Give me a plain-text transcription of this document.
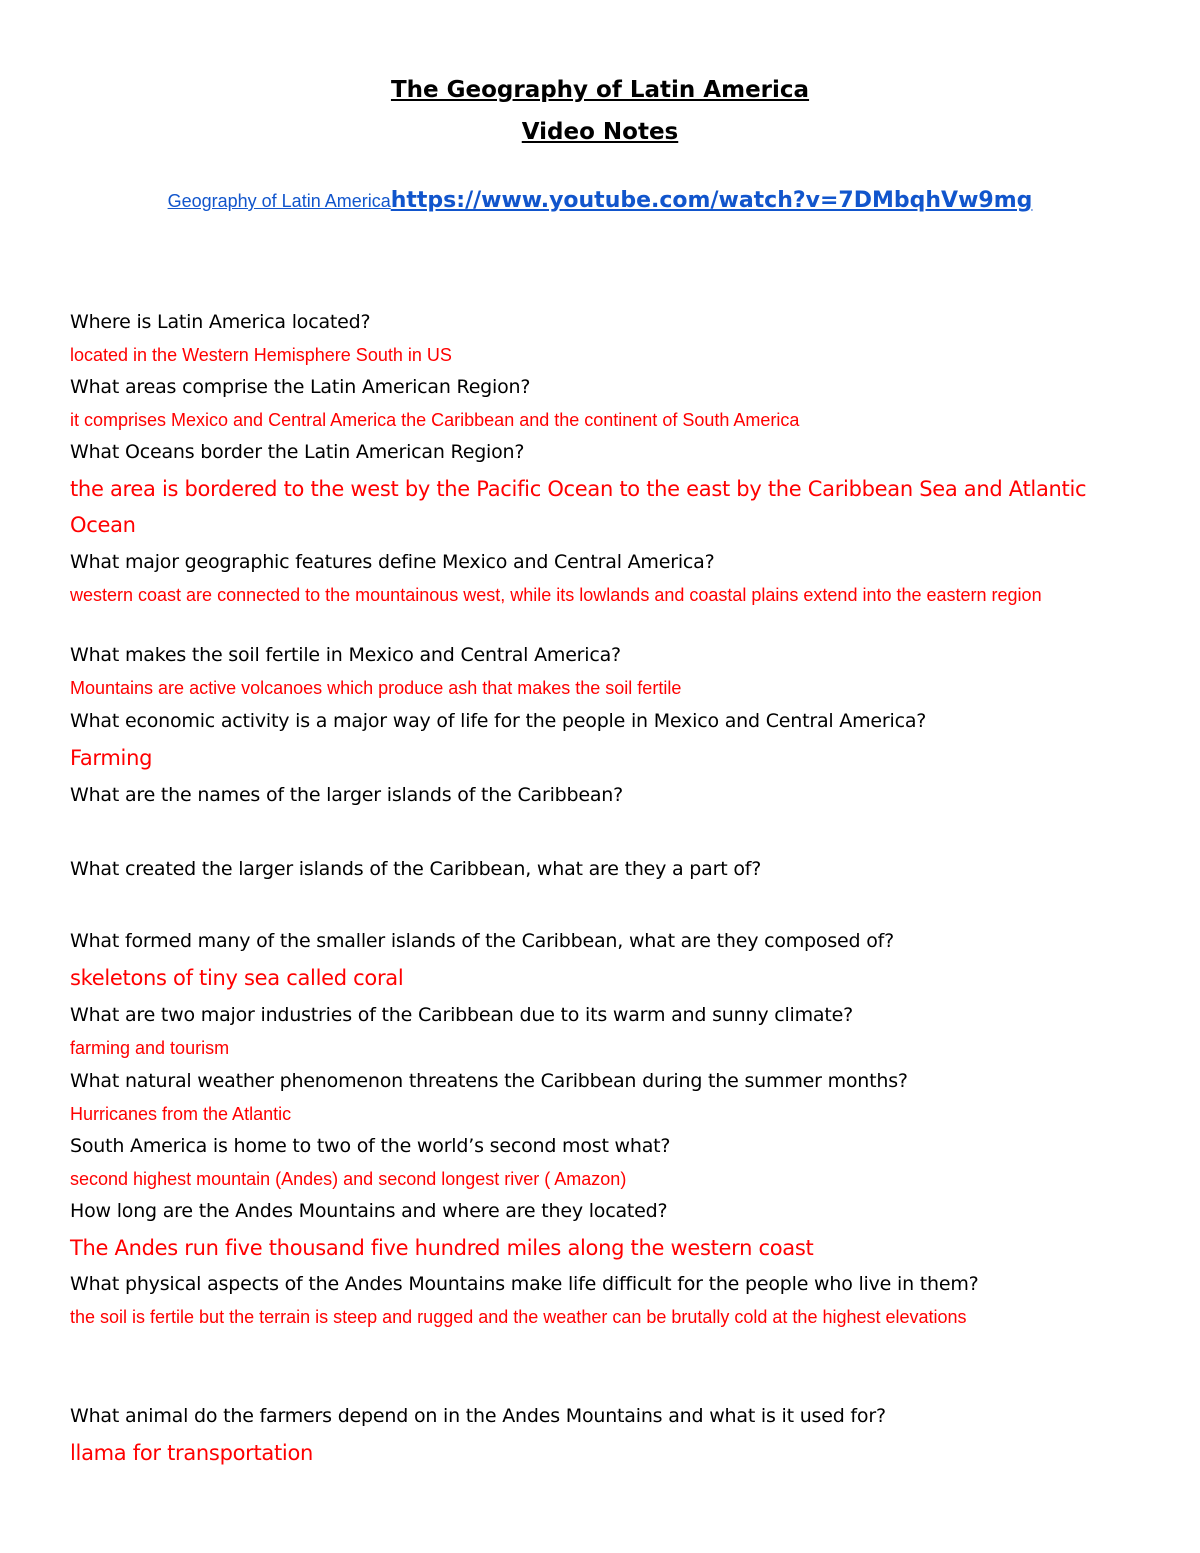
The Geography of Latin America
Video Notes
Geography of Latin Americahttps://www.youtube.com/watch?v=7DMbqhVw9mg
Where is Latin America located?
located in the Western Hemisphere South in US
What areas comprise the Latin American Region?
it comprises Mexico and Central America the Caribbean and the continent of South America
What Oceans border the Latin American Region?
the area is bordered to the west by the Pacific Ocean to the east by the Caribbean Sea and Atlantic Ocean
What major geographic features define Mexico and Central America?
western coast are connected to the mountainous west, while its lowlands and coastal plains extend into the eastern region
What makes the soil fertile in Mexico and Central America?
Mountains are active volcanoes which produce ash that makes the soil fertile
What economic activity is a major way of life for the people in Mexico and Central America?
Farming
What are the names of the larger islands of the Caribbean?
What created the larger islands of the Caribbean, what are they a part of?
What formed many of the smaller islands of the Caribbean, what are they composed of?
skeletons of tiny sea called coral
What are two major industries of the Caribbean due to its warm and sunny climate?
farming and tourism
What natural weather phenomenon threatens the Caribbean during the summer months?
Hurricanes from the Atlantic
South America is home to two of the world’s second most what?
second highest mountain (Andes) and second longest river ( Amazon)
How long are the Andes Mountains and where are they located?
The Andes run five thousand five hundred miles along the western coast
What physical aspects of the Andes Mountains make life difficult for the people who live in them?
the soil is fertile but the terrain is steep and rugged and the weather can be brutally cold at the highest elevations
What animal do the farmers depend on in the Andes Mountains and what is it used for?
llama for transportation
